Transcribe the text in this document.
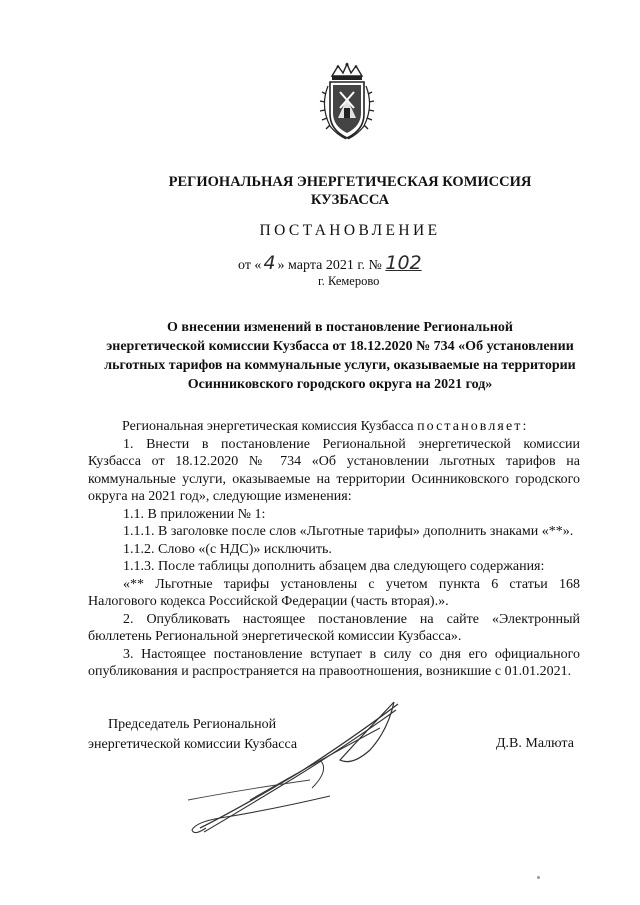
РЕГИОНАЛЬНАЯ ЭНЕРГЕТИЧЕСКАЯ КОМИССИЯ
КУЗБАССА
ПОСТАНОВЛЕНИЕ
от « 4 » марта 2021 г. № 102
г. Кемерово
О внесении изменений в постановление Региональной
энергетической комиссии Кузбасса от 18.12.2020 № 734 «Об установлении
льготных тарифов на коммунальные услуги, оказываемые на территории
Осинниковского городского округа на 2021 год»

Региональная энергетическая комиссия Кузбасса постановляет:

1. Внести в постановление Региональной энергетической комиссии Кузбасса от 18.12.2020 № 734 «Об установлении льготных тарифов на коммунальные услуги, оказываемые на территории Осинниковского городского округа на 2021 год», следующие изменения:

1.1. В приложении № 1:

1.1.1. В заголовке после слов «Льготные тарифы» дополнить знаками «**».

1.1.2. Слово «(с НДС)» исключить.

1.1.3. После таблицы дополнить абзацем два следующего содержания:

«** Льготные тарифы установлены с учетом пункта 6 статьи 168 Налогового кодекса Российской Федерации (часть вторая).».

2. Опубликовать настоящее постановление на сайте «Электронный бюллетень Региональной энергетической комиссии Кузбасса».

3. Настоящее постановление вступает в силу со дня его официального опубликования и распространяется на правоотношения, возникшие с 01.01.2021.

Председатель Региональной
энергетической комиссии Кузбасса	Д.В. Малюта
